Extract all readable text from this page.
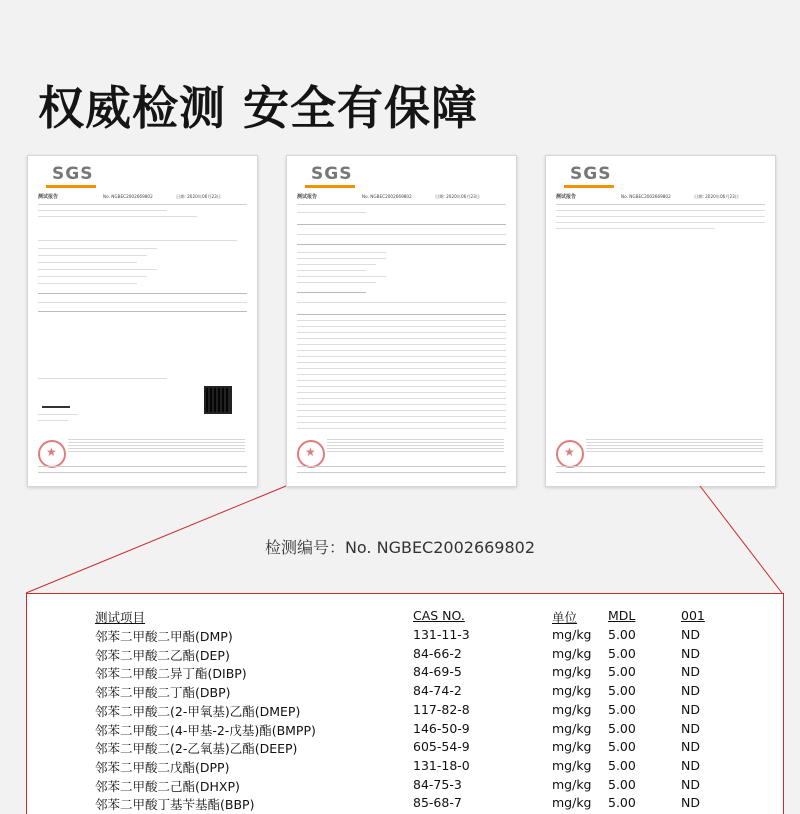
权威检测 安全有保障
SGS
测试报告	No. NGBEC2002669802	日期: 2020年06月23日
★
SGS
测试报告	No. NGBEC2002669802	日期: 2020年06月23日
★
SGS
测试报告	No. NGBEC2002669802	日期: 2020年06月23日
★
检测编号：No. NGBEC2002669802
测试项目	CAS NO.	单位 MDL	001
邻苯二甲酸二甲酯(DMP)	131-11-3	mg/kg 5.00	ND
邻苯二甲酸二乙酯(DEP)	84-66-2	mg/kg 5.00	ND
邻苯二甲酸二异丁酯(DIBP)	84-69-5	mg/kg 5.00	ND
邻苯二甲酸二丁酯(DBP)	84-74-2	mg/kg 5.00	ND
邻苯二甲酸二(2-甲氧基)乙酯(DMEP)	117-82-8	mg/kg 5.00	ND
邻苯二甲酸二(4-甲基-2-戊基)酯(BMPP)	146-50-9	mg/kg 5.00	ND
邻苯二甲酸二(2-乙氧基)乙酯(DEEP)	605-54-9	mg/kg 5.00	ND
邻苯二甲酸二戊酯(DPP)	131-18-0	mg/kg 5.00	ND
邻苯二甲酸二己酯(DHXP)	84-75-3	mg/kg 5.00	ND
邻苯二甲酸丁基苄基酯(BBP)	85-68-7	mg/kg 5.00	ND
